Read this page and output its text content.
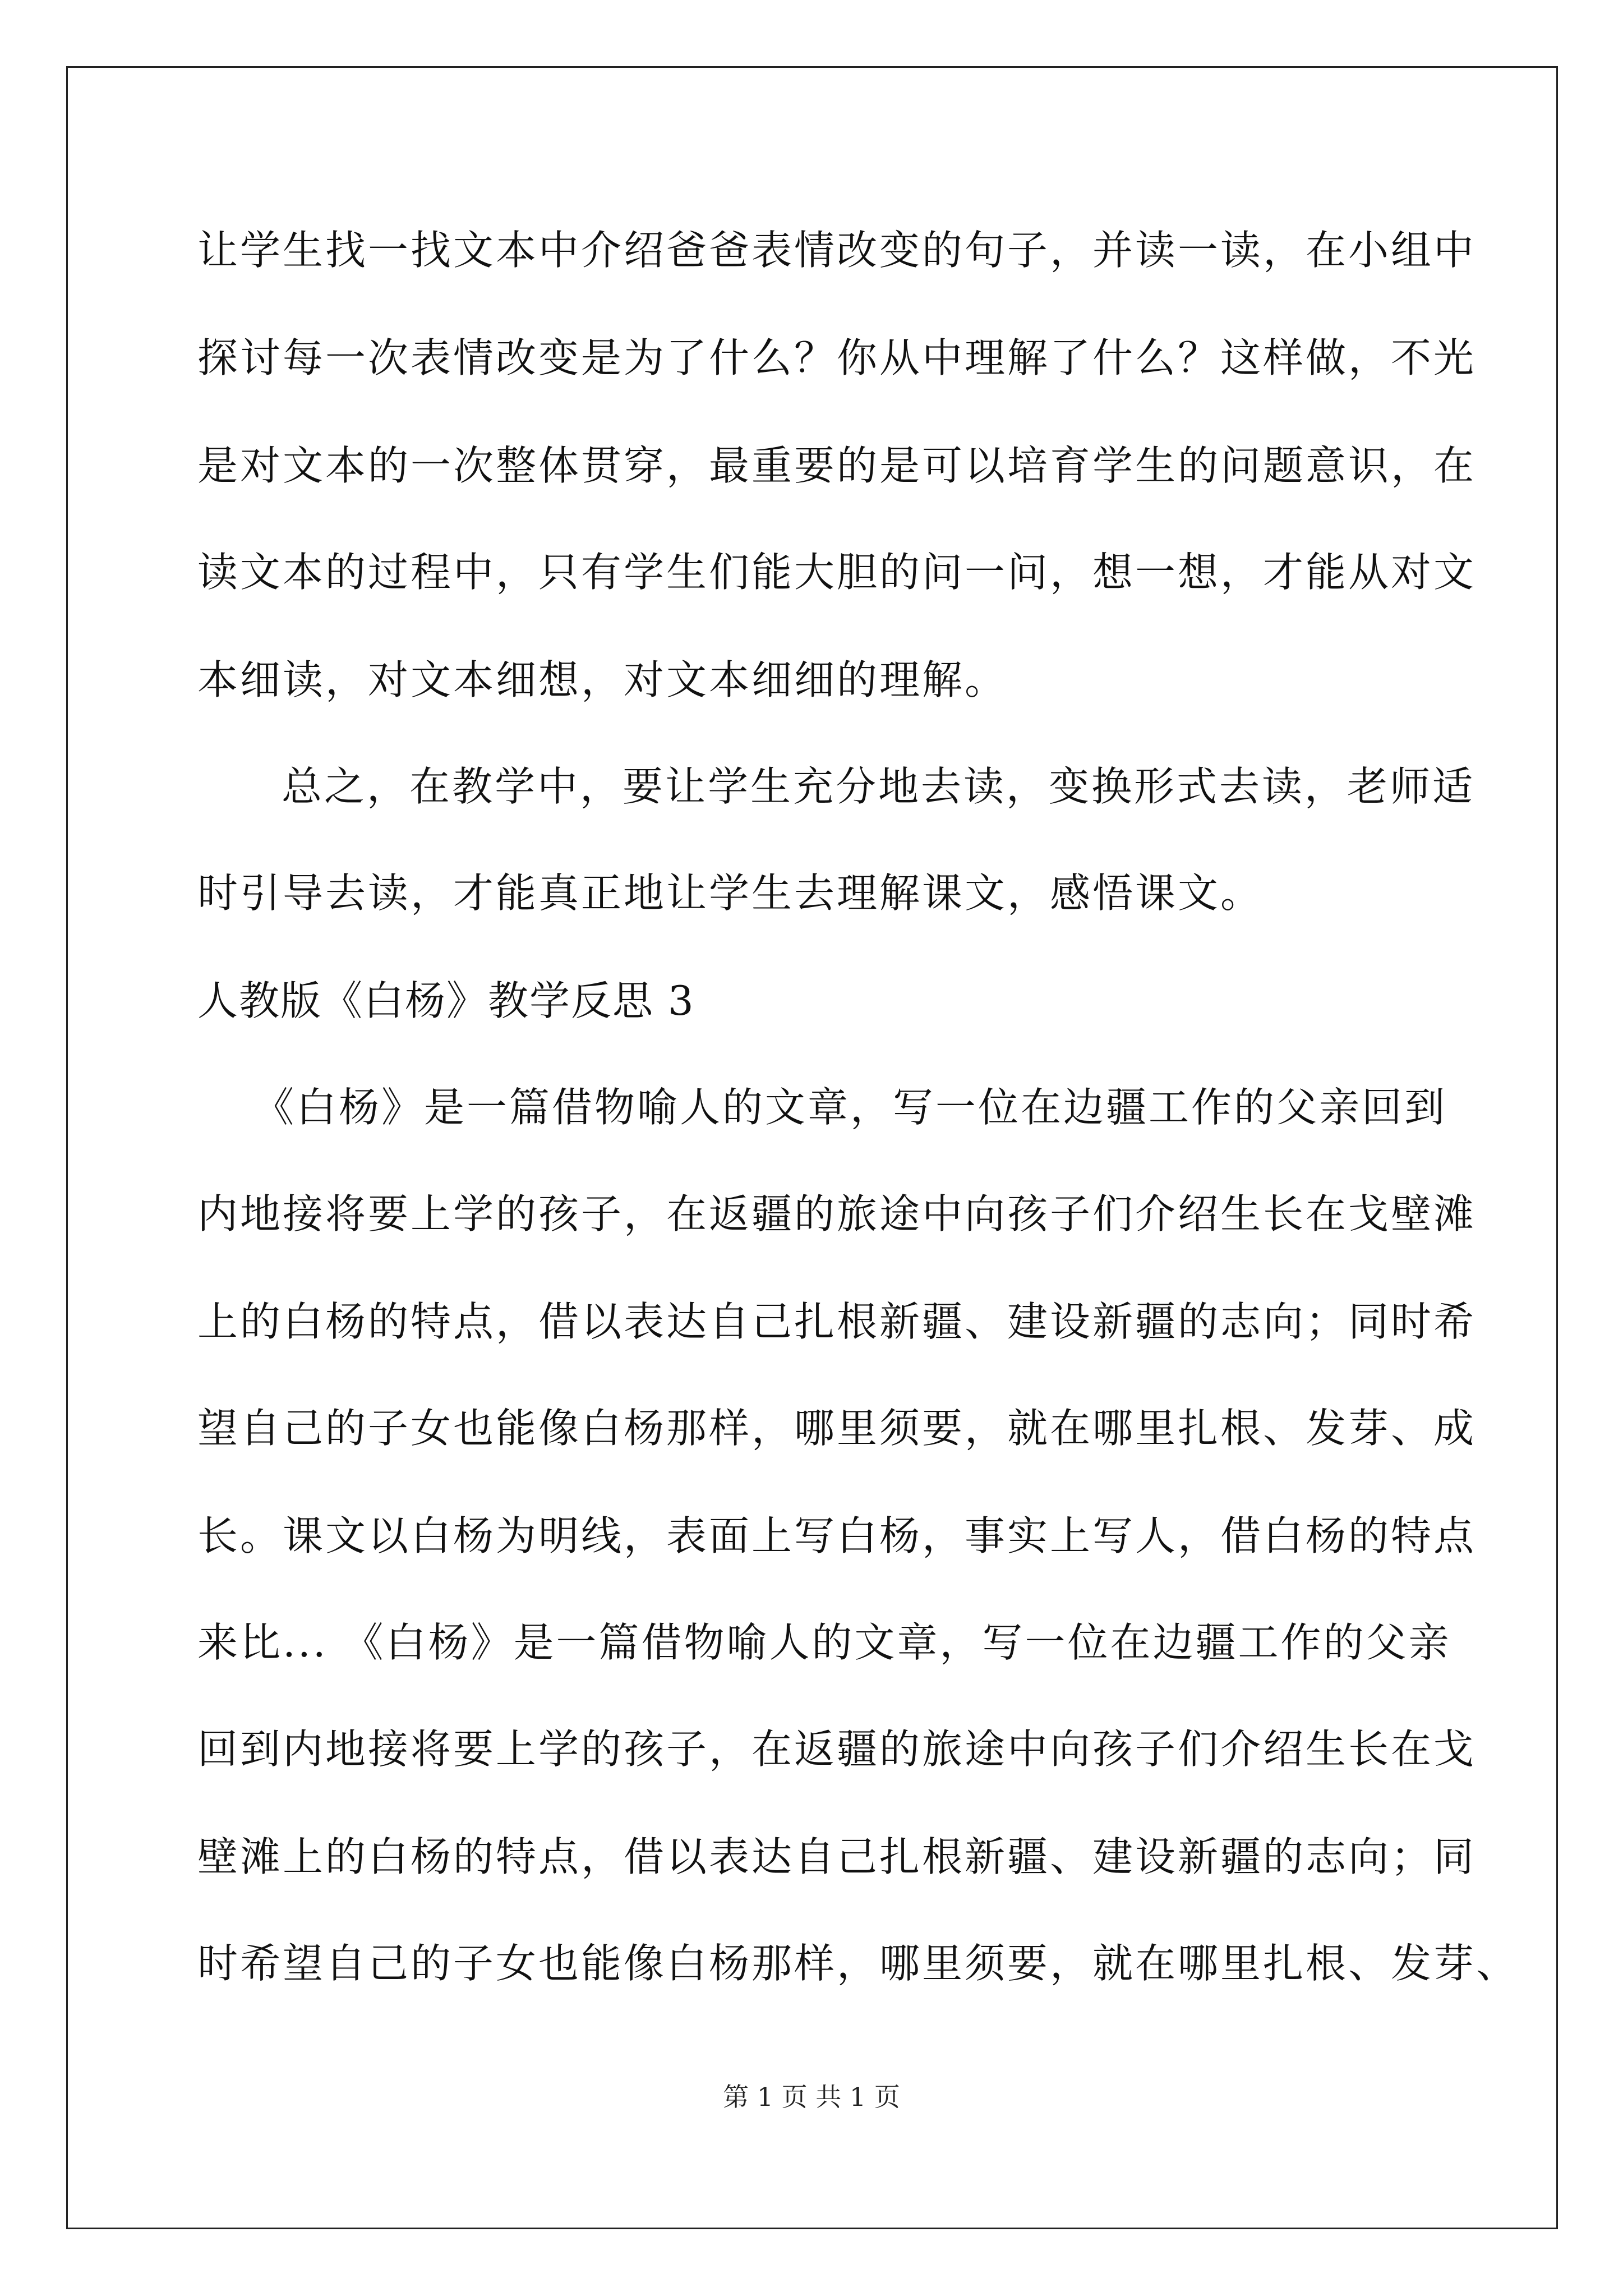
让学生找一找文本中介绍爸爸表情改变的句子，并读一读，在小组中
探讨每一次表情改变是为了什么？你从中理解了什么？这样做，不光
是对文本的一次整体贯穿，最重要的是可以培育学生的问题意识，在
读文本的过程中，只有学生们能大胆的问一问，想一想，才能从对文
本细读，对文本细想，对文本细细的理解。
总之，在教学中，要让学生充分地去读，变换形式去读，老师适
时引导去读，才能真正地让学生去理解课文，感悟课文。
人教版《白杨》教学反思 3
《白杨》是一篇借物喻人的文章，写一位在边疆工作的父亲回到
内地接将要上学的孩子，在返疆的旅途中向孩子们介绍生长在戈壁滩
上的白杨的特点，借以表达自己扎根新疆、建设新疆的志向；同时希
望自己的子女也能像白杨那样，哪里须要，就在哪里扎根、发芽、成
长。课文以白杨为明线，表面上写白杨，事实上写人，借白杨的特点
来比... 《白杨》是一篇借物喻人的文章，写一位在边疆工作的父亲
回到内地接将要上学的孩子，在返疆的旅途中向孩子们介绍生长在戈
壁滩上的白杨的特点，借以表达自己扎根新疆、建设新疆的志向；同
时希望自己的子女也能像白杨那样，哪里须要，就在哪里扎根、发芽、
第 1 页 共 1 页
